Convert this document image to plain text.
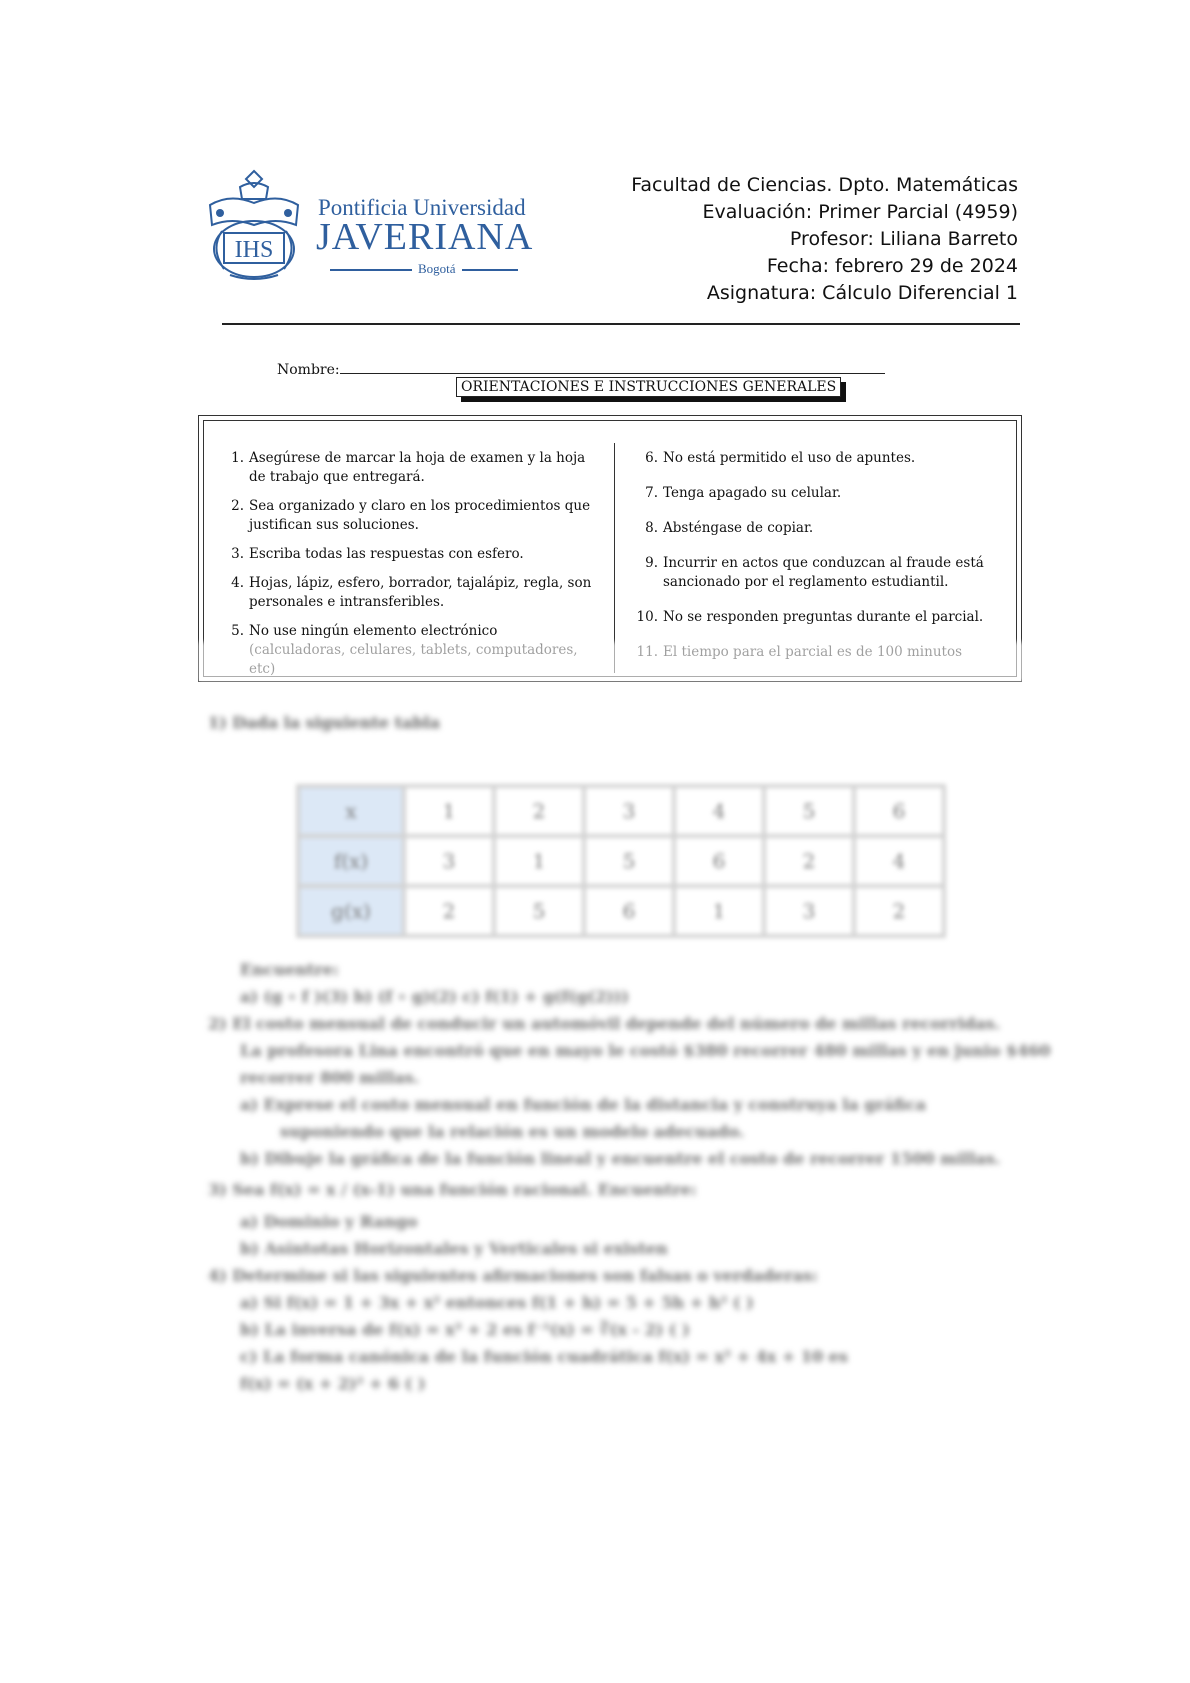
IHS
Pontificia Universidad
JAVERIANA
Bogotá
Facultad de Ciencias. Dpto. Matemáticas
Evaluación: Primer Parcial (4959)
Profesor: Liliana Barreto
Fecha: febrero 29 de 2024
Asignatura: Cálculo Diferencial 1
Nombre:
ORIENTACIONES E INSTRUCCIONES GENERALES
1. Asegúrese de marcar la hoja de examen y la hoja de trabajo que entregará.
2. Sea organizado y claro en los procedimientos que justifican sus soluciones.
3. Escriba todas las respuestas con esfero.
4. Hojas, lápiz, esfero, borrador, tajalápiz, regla, son personales e intransferibles.
5. No use ningún elemento electrónico
6. No está permitido el uso de apuntes.
7. Tenga apagado su celular.
8. Absténgase de copiar.
9. Incurrir en actos que conduzcan al fraude está sancionado por el reglamento estudiantil.
10. No se responden preguntas durante el parcial.
1) Dada la siguiente tabla
x	1	2	3	4	5	6
f(x)	3	1	5	6	2	4
g(x)	2	5	6	1	3	2
Encuentre:
a) (g ∘ f )(3) b) (f ∘ g)(2) c) f(1) + g(f(g(2)))
2) El costo mensual de conducir un automóvil depende del número de millas recorridas.
La profesora Lina encontró que en mayo le costó $380 recorrer 480 millas y en junio $460
recorrer 800 millas.
a) Exprese el costo mensual en función de la distancia y construya la gráfica
suponiendo que la relación es un modelo adecuado.
b) Dibuje la gráfica de la función lineal y encuentre el costo de recorrer 1500 millas.
3) Sea f(x) = x / (x-1) una función racional. Encuentre:
a) Dominio y Rango
b) Asíntotas Horizontales y Verticales si existen
4) Determine si las siguientes afirmaciones son falsas o verdaderas:
a) Si f(x) = 1 + 3x + x² entonces f(1 + h) = 5 + 5h + h² ( )
b) La inversa de f(x) = x³ + 2 es f⁻¹(x) = ∛(x - 2) ( )
c) La forma canónica de la función cuadrática f(x) = x² + 4x + 10 es
f(x) = (x + 2)² + 6 ( )
